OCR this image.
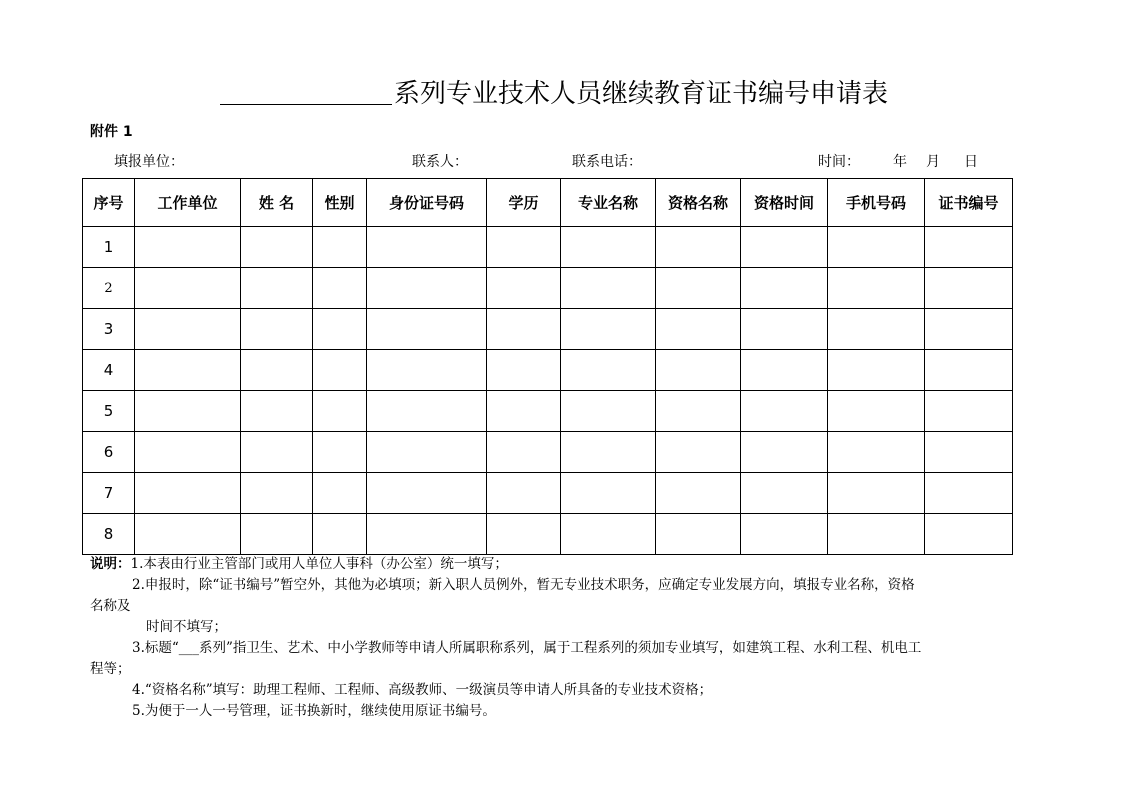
系列专业技术人员继续教育证书编号申请表
附件 1
填报单位：	联系人：	联系电话：	时间： 年 月 日
序号	工作单位	姓 名	性别	身份证号码	学历	专业名称	资格名称	资格时间	手机号码	证书编号
1										
2										
3										
4										
5										
6										
7										
8										
说明：1.本表由行业主管部门或用人单位人事科（办公室）统一填写；
2.申报时，除“证书编号”暂空外，其他为必填项；新入职人员例外，暂无专业技术职务，应确定专业发展方向，填报专业名称，资格
名称及
时间不填写；
3.标题“___系列”指卫生、艺术、中小学教师等申请人所属职称系列，属于工程系列的须加专业填写，如建筑工程、水利工程、机电工
程等；
4.“资格名称”填写：助理工程师、工程师、高级教师、一级演员等申请人所具备的专业技术资格；
5.为便于一人一号管理，证书换新时，继续使用原证书编号。
